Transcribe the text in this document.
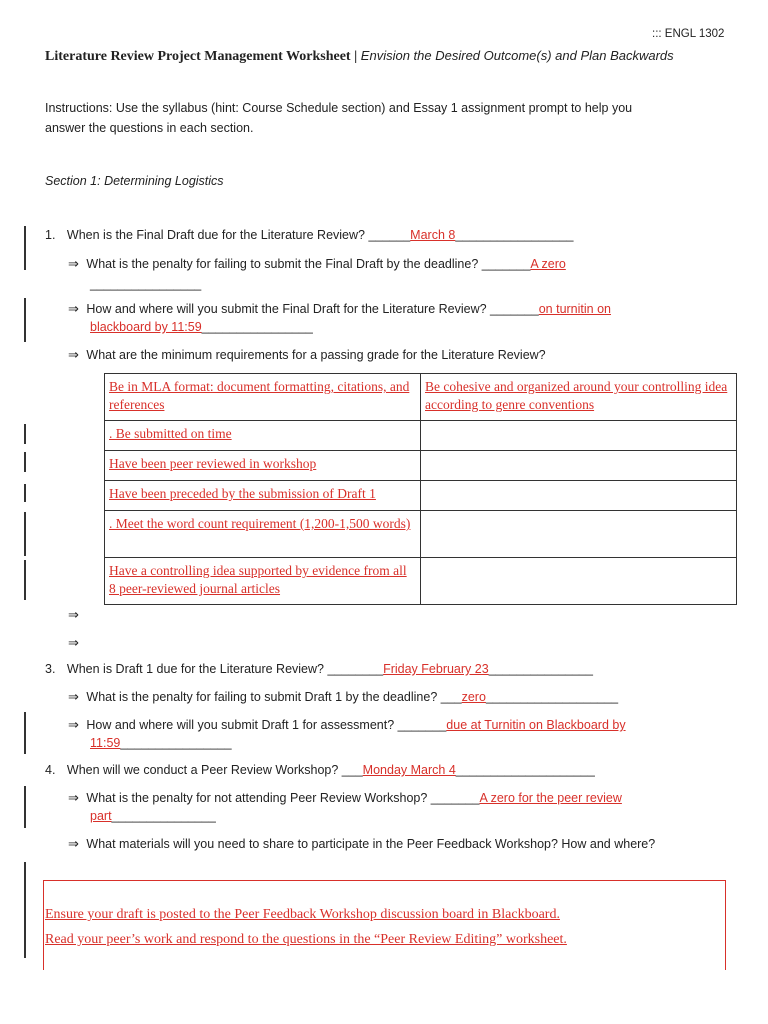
::: ENGL 1302
Literature Review Project Management Worksheet | Envision the Desired Outcome(s) and Plan Backwards
Instructions: Use the syllabus (hint: Course Schedule section) and Essay 1 assignment prompt to help you
answer the questions in each section.
Section 1: Determining Logistics
1. When is the Final Draft due for the Literature Review? ______March 8_________________
⇒ What is the penalty for failing to submit the Final Draft by the deadline? _______A zero
________________
⇒ How and where will you submit the Final Draft for the Literature Review? _______on turnitin on
blackboard by 11:59________________
⇒ What are the minimum requirements for a passing grade for the Literature Review?
Be in MLA format: document formatting, citations, and references	Be cohesive and organized around your controlling idea according to genre conventions
. Be submitted on time	
Have been peer reviewed in workshop	
Have been preceded by the submission of Draft 1	
. Meet the word count requirement (1,200-1,500 words)	
Have a controlling idea supported by evidence from all 8 peer-reviewed journal articles	
⇒
⇒
3. When is Draft 1 due for the Literature Review? ________Friday February 23_______________
⇒ What is the penalty for failing to submit Draft 1 by the deadline? ___zero___________________
⇒ How and where will you submit Draft 1 for assessment? _______due at Turnitin on Blackboard by
11:59________________
4. When will we conduct a Peer Review Workshop? ___Monday March 4____________________
⇒ What is the penalty for not attending Peer Review Workshop? _______A zero for the peer review
part_______________
⇒ What materials will you need to share to participate in the Peer Feedback Workshop? How and where?
Ensure your draft is posted to the Peer Feedback Workshop discussion board in Blackboard.
Read your peer’s work and respond to the questions in the “Peer Review Editing” worksheet.
